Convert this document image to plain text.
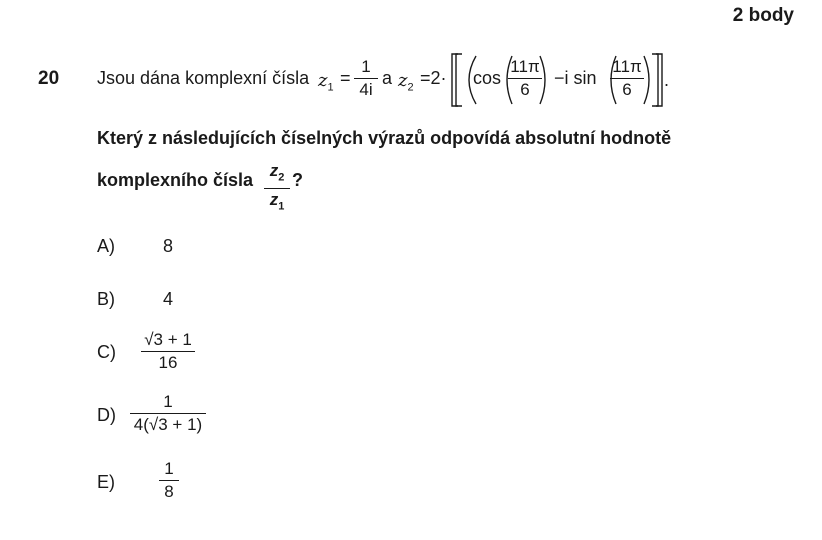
2 body
20 Jsou dána komplexní čísla $z_1$ =
1
4i
a $z_2 =2\cdot \cos$
11π
6
−i sin
11π
6	.
Který z následujících číselných výrazů odpovídá absolutní hodnotě
komplexního čísla $z_2$
$z_1$
?
A)	8
B)	4
C)
√3 + 1
16
D)
1
4(√3 + 1)
E)
1
8
